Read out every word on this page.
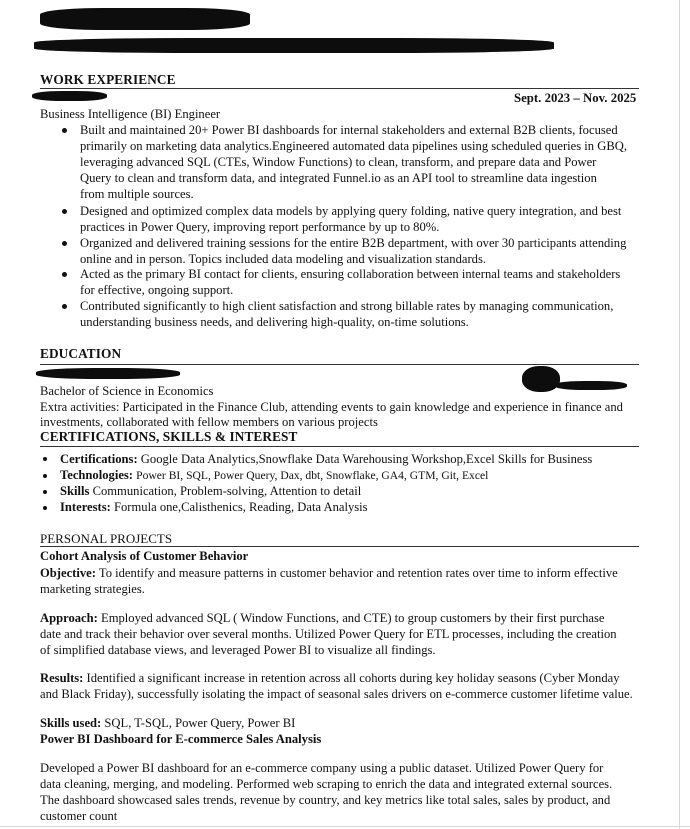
WORK EXPERIENCE
Sept. 2023 – Nov. 2025
Business Intelligence (BI) Engineer
Built and maintained 20+ Power BI dashboards for internal stakeholders and external B2B clients, focused
primarily on marketing data analytics.Engineered automated data pipelines using scheduled queries in GBQ,
leveraging advanced SQL (CTEs, Window Functions) to clean, transform, and prepare data and Power
Query to clean and transform data, and integrated Funnel.io as an API tool to streamline data ingestion
from multiple sources.
Designed and optimized complex data models by applying query folding, native query integration, and best
practices in Power Query, improving report performance by up to 80%.
Organized and delivered training sessions for the entire B2B department, with over 30 participants attending
online and in person. Topics included data modeling and visualization standards.
Acted as the primary BI contact for clients, ensuring collaboration between internal teams and stakeholders
for effective, ongoing support.
Contributed significantly to high client satisfaction and strong billable rates by managing communication,
understanding business needs, and delivering high-quality, on-time solutions.
EDUCATION
Bachelor of Science in Economics
Extra activities: Participated in the Finance Club, attending events to gain knowledge and experience in finance and
investments, collaborated with fellow members on various projects
CERTIFICATIONS, SKILLS & INTEREST
Certifications: Google Data Analytics,Snowflake Data Warehousing Workshop,Excel Skills for Business
Technologies: Power BI, SQL, Power Query, Dax, dbt, Snowflake, GA4, GTM, Git, Excel
Skills Communication, Problem-solving, Attention to detail
Interests: Formula one,Calisthenics, Reading, Data Analysis
PERSONAL PROJECTS
Cohort Analysis of Customer Behavior
Objective: To identify and measure patterns in customer behavior and retention rates over time to inform effective
marketing strategies.
Approach: Employed advanced SQL ( Window Functions, and CTE) to group customers by their first purchase
date and track their behavior over several months. Utilized Power Query for ETL processes, including the creation
of simplified database views, and leveraged Power BI to visualize all findings.
Results: Identified a significant increase in retention across all cohorts during key holiday seasons (Cyber Monday
and Black Friday), successfully isolating the impact of seasonal sales drivers on e-commerce customer lifetime value.
Skills used: SQL, T-SQL, Power Query, Power BI
Power BI Dashboard for E-commerce Sales Analysis
Developed a Power BI dashboard for an e-commerce company using a public dataset. Utilized Power Query for
data cleaning, merging, and modeling. Performed web scraping to enrich the data and integrated external sources.
The dashboard showcased sales trends, revenue by country, and key metrics like total sales, sales by product, and
customer count
